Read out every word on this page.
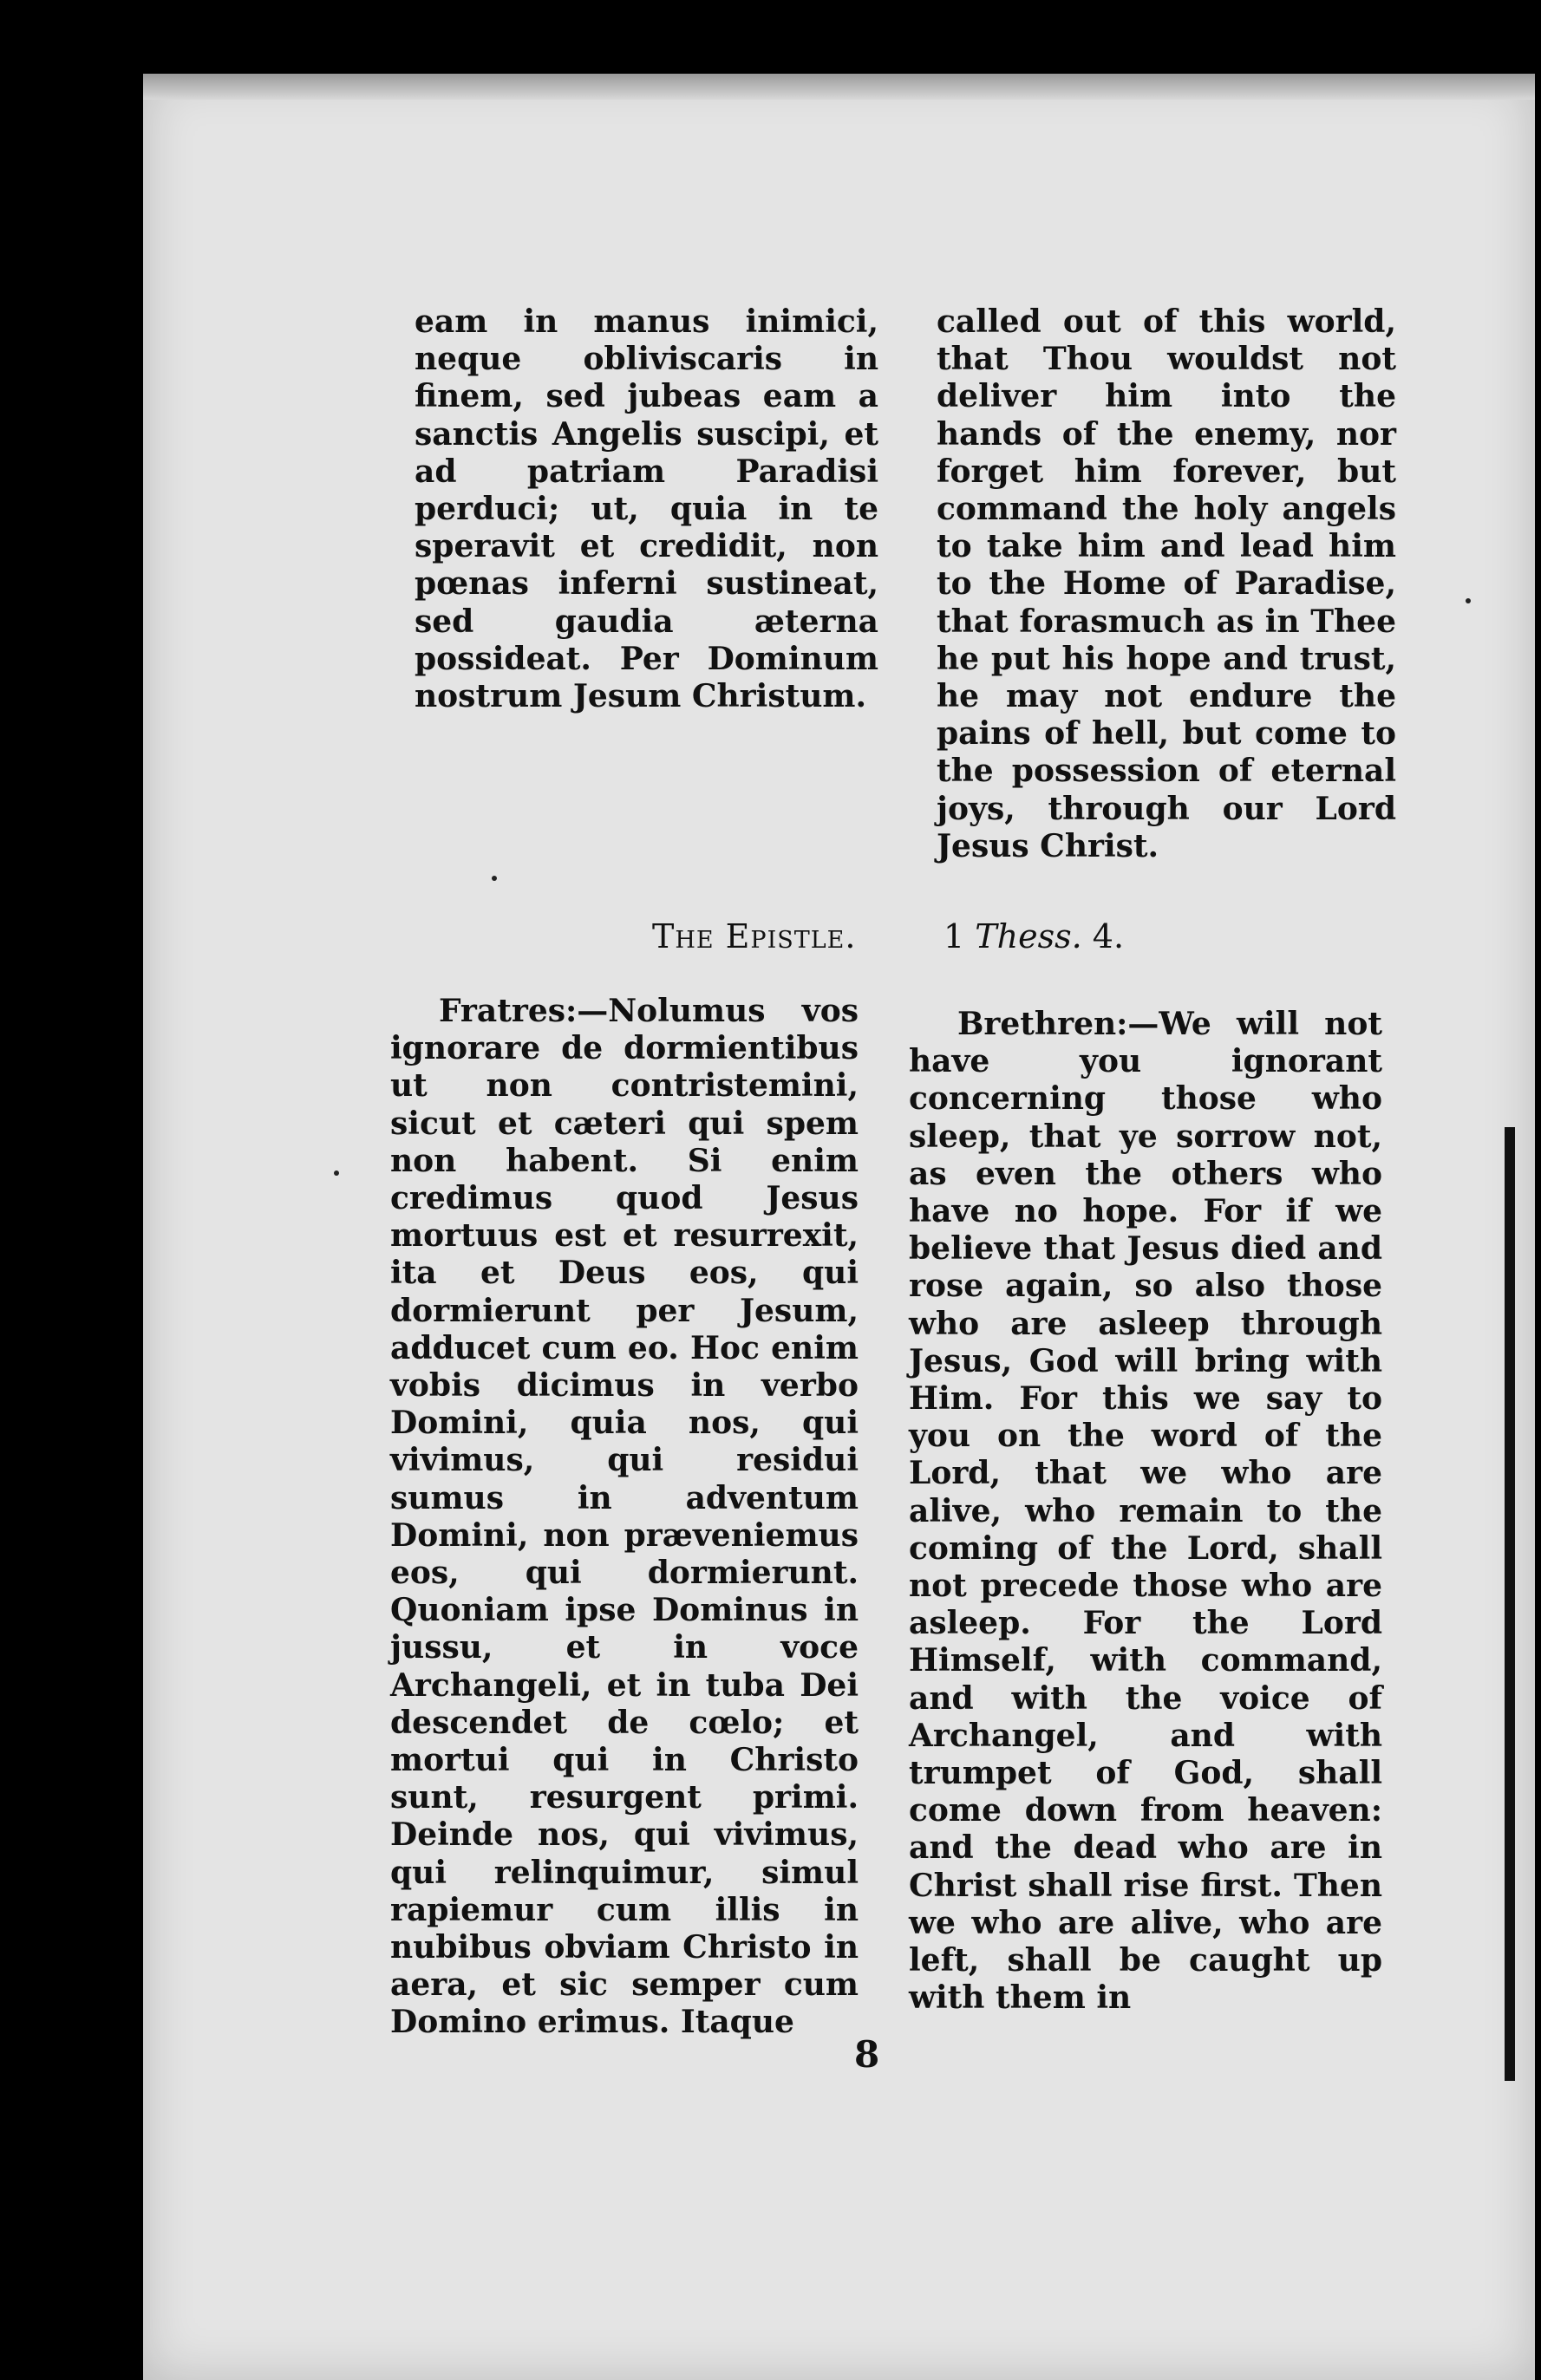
eam in manus inimici, neque obliviscaris in finem, sed jubeas eam a sanctis Angelis suscipi, et ad patriam Paradisi perduci; ut, quia in te speravit et credidit, non pœnas inferni sustineat, sed gaudia æterna possideat. Per Dominum nostrum Jesum Christum.

called out of this world, that Thou wouldst not deliver him into the hands of the enemy, nor forget him forever, but command the holy angels to take him and lead him to the Home of Paradise, that forasmuch as in Thee he put his hope and trust, he may not endure the pains of hell, but come to the possession of eternal joys, through our Lord Jesus Christ.

The Epistle.	1 Thess. 4.

Fratres:—Nolumus vos ignorare de dormientibus ut non contristemini, sicut et cæteri qui spem non habent. Si enim credimus quod Jesus mortuus est et resurrexit, ita et Deus eos, qui dormierunt per Jesum, adducet cum eo. Hoc enim vobis dicimus in verbo Domini, quia nos, qui vivimus, qui residui sumus in adventum Domini, non præveniemus eos, qui dormierunt. Quoniam ipse Dominus in jussu, et in voce Archangeli, et in tuba Dei descendet de cœlo; et mortui qui in Christo sunt, resurgent primi. Deinde nos, qui vivimus, qui relinquimur, simul rapiemur cum illis in nubibus obviam Christo in aera, et sic semper cum Domino erimus. Itaque

Brethren:—We will not have you ignorant concerning those who sleep, that ye sorrow not, as even the others who have no hope. For if we believe that Jesus died and rose again, so also those who are asleep through Jesus, God will bring with Him. For this we say to you on the word of the Lord, that we who are alive, who remain to the coming of the Lord, shall not precede those who are asleep. For the Lord Himself, with command, and with the voice of Archangel, and with trumpet of God, shall come down from heaven: and the dead who are in Christ shall rise first. Then we who are alive, who are left, shall be caught up with them in

8
